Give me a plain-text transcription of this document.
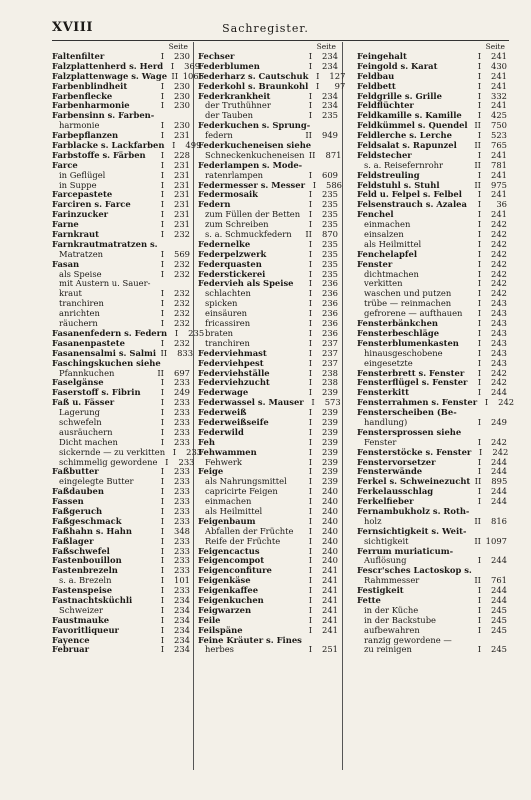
XVIII	Sachregister.
Seite
Faltenfilter	I	230
Falzplattenherd s. Herd I	369
Falzplattenwage s. Wage II 1065
Farbenblindheit	I	230
Farbenflecke	I	230
Farbenharmonie	I	230
Farbensinn s. Farben-
harmonie	I	230
Farbepflanzen	I	231
Farblacke s. Lackfarben I	499
Farbstoffe s. Färben	I	228
Farce	I	231
in Geflügel	I	231
in Suppe	I	231
Farcepastete	I	231
Farciren s. Farce	I	231
Farinzucker	I	231
Farne	I	231
Farnkraut	I	232
Farnkrautmatratzen s.
Matratzen	I	569
Fasan	I	232
als Speise	I	232
mit Austern u. Sauer-
kraut	I	232
tranchiren	I	232
anrichten	I	232
räuchern	I	232
Fasanenfedern s. Federn I	235
Fasanenpastete	I	232
Fasanensalmi s. Salmi II	833
Faschingskuchen siehe
Pfannkuchen	II	697
Faselgänse	I	233
Faserstoff s. Fibrin	I	249
Faß u. Fässer	I	233
Lagerung	I	233
schwefeln	I	233
ausräuchern	I	233
Dicht machen	I	233
sickernde — zu verkitten I	233
schimmelig gewordene I	233
Faßbutter	I	233
eingelegte Butter	I	233
Faßdauben	I	233
Fassen	I	233
Faßgeruch	I	233
Faßgeschmack	I	233
Faßhahn s. Hahn	I	348
Faßlager	I	233
Faßschwefel	I	233
Fastenbouillon	I	233
Fastenbrezeln	I	233
s. a. Brezeln	I	101
Fastenspeise	I	233
Fastnachtsküchli	I	234
Schweizer	I	234
Faustmauke	I	234
Favoritliqueur	I	234
Fayence	I	234
Februar	I	234
Seite
Fechser	I	234
Federblumen	I	234
Federharz s. Cautschuk I	127
Federkohl s. Braunkohl I	97
Federkrankheit	I	234
der Truthühner	I	234
der Tauben	I	235
Federkuchen s. Sprung-
federn	II	949
Federkucheneisen siehe
Schneckenkucheneisen II	871
Federlampen s. Mode-
ratenrlampen	I	609
Federmesser s. Messer I	586
Federmosaik	I	235
Federn	I	235
zum Füllen der Betten	I	235
zum Schreiben	I	235
s. a. Schmuckfedern	II	870
Federnelke	I	235
Federpelzwerk	I	235
Federquasten	I	235
Federstickerei	I	235
Federvieh als Speise	I	236
schlachten	I	236
spicken	I	236
einsäuren	I	236
fricassiren	I	236
braten	I	236
tranchiren	I	237
Federviehmast	I	237
Federviehpest	I	237
Federviehställe	I	238
Federviehzucht	I	238
Federwage	I	239
Federwassel s. Mauser I	573
Federweiß	I	239
Federweißseife	I	239
Federwild	I	239
Feh	I	239
Fehwammen	I	239
Fehwerk	I	239
Feige	I	239
als Nahrungsmittel	I	239
capricirte Feigen	I	240
einmachen	I	240
als Heilmittel	I	240
Feigenbaum	I	240
Abfallen der Früchte	I	240
Reife der Früchte	I	240
Feigencactus	I	240
Feigencompot	I	240
Feigenconfiture	I	241
Feigenkäse	I	241
Feigenkaffee	I	241
Feigenkuchen	I	241
Feigwarzen	I	241
Feile	I	241
Feilspäne	I	241
Feine Kräuter s. Fines
herbes	I	251
Seite
Feingehalt	I	241
Feingold s. Karat	I	430
Feldbau	I	241
Feldbett	I	241
Feldgrille s. Grille	I	332
Feldflüchter	I	241
Feldkamille s. Kamille	I	425
Feldkümmel s. Quendel II	750
Feldlerche s. Lerche	I	523
Feldsalat s. Rapunzel	II	765
Feldstecher	I	241
s. a. Reisefernrohr	II	781
Feldstreuling	I	241
Feldstuhl s. Stuhl	II	975
Feld u. Felpel s. Felbel	I	241
Felsenstrauch s. Azalea	I	36
Fenchel	I	241
einmachen	I	242
einsalzen	I	242
als Heilmittel	I	242
Fenchelapfel	I	242
Fenster	I	242
dichtmachen	I	242
verkitten	I	242
waschen und putzen	I	242
trübe — reinmachen	I	243
gefrorene — aufthauen	I	243
Fensterbänkchen	I	243
Fensterbeschläge	I	243
Fensterblumenkasten	I	243
hinausgeschobene	I	243
eingesetzte	I	243
Fensterbrett s. Fenster	I	242
Fensterflügel s. Fenster	I	242
Fensterkitt	I	244
Fensterrahmen s. Fenster I	242
Fensterscheiben (Be-
handlung)	I	249
Fenstersprossen siehe
Fenster	I	242
Fensterstöcke s. Fenster I	242
Fenstervorsetzer	I	244
Fensterwände	I	244
Ferkel s. Schweinezucht II	895
Ferkelausschlag	I	244
Ferkelfieber	I	244
Fernambukholz s. Roth-
holz	II	816
Fernsichtigkeit s. Weit-
sichtigkeit	II 1097
Ferrum muriaticum-
Auflösung	I	244
Fescr'sches Lactoskop s.
Rahmmesser	II	761
Festigkeit	I	244
Fette	I	244
in der Küche	I	245
in der Backstube	I	245
aufbewahren	I	245
ranzig gewordene —
zu reinigen	I	245
